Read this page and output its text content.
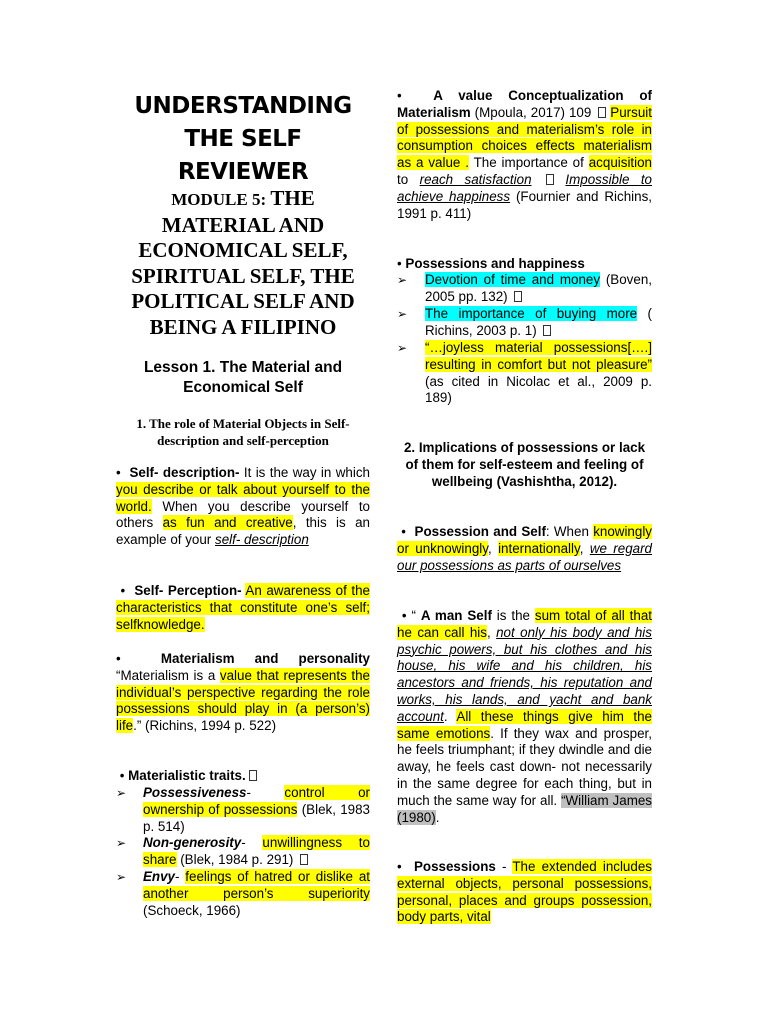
UNDERSTANDING
THE SELF REVIEWER
MODULE 5: THE MATERIAL AND ECONOMICAL SELF, SPIRITUAL SELF, THE POLITICAL SELF AND BEING A FILIPINO
Lesson 1. The Material and Economical Self
1. The role of Material Objects in Self-description and self-perception
•  Self- description- It is the way in which you describe or talk about yourself to the world. When you describe yourself to others as fun and creative, this is an example of your self- description
•  Self- Perception- An awareness of the characteristics that constitute one’s self; selfknowledge.
•  Materialism and personality “Materialism is a value that represents the individual’s perspective regarding the role possessions should play in (a person’s) life.” (Richins, 1994 p. 522)
• Materialistic traits.
➢	Possessiveness- control or ownership of possessions (Blek, 1983 p. 514)
➢	Non-generosity- unwillingness to share (Blek, 1984 p. 291)
➢	Envy- feelings of hatred or dislike at another person’s superiority (Schoeck, 1966)
•  A value Conceptualization of Materialism (Mpoula, 2017) 109  Pursuit of possessions and materialism’s role in consumption choices effects materialism as a value . The importance of acquisition to reach satisfaction	Impossible to achieve happiness (Fournier and Richins, 1991 p. 411)
• Possessions and happiness
➢	Devotion of time and money (Boven, 2005 pp. 132)
➢	The importance of buying more ( Richins, 2003 p. 1)
➢	“…joyless material possessions[….] resulting in comfort but not pleasure” (as cited in Nicolac et al., 2009 p. 189)
2. Implications of possessions or lack of them for self-esteem and feeling of wellbeing (Vashishtha, 2012).
•  Possession and Self: When knowingly or unknowingly, internationally, we regard our possessions as parts of ourselves
• “ A man Self is the sum total of all that he can call his, not only his body and his psychic powers, but his clothes and his house, his wife and his children, his ancestors and friends, his reputation and works, his lands, and yacht and bank account. All these things give him the same emotions. If they wax and prosper, he feels triumphant; if they dwindle and die away, he feels cast down- not necessarily in the same degree for each thing, but in much the same way for all. “William James (1980).
•  Possessions - The extended includes external objects, personal possessions, personal, places and groups possession, body parts, vital
